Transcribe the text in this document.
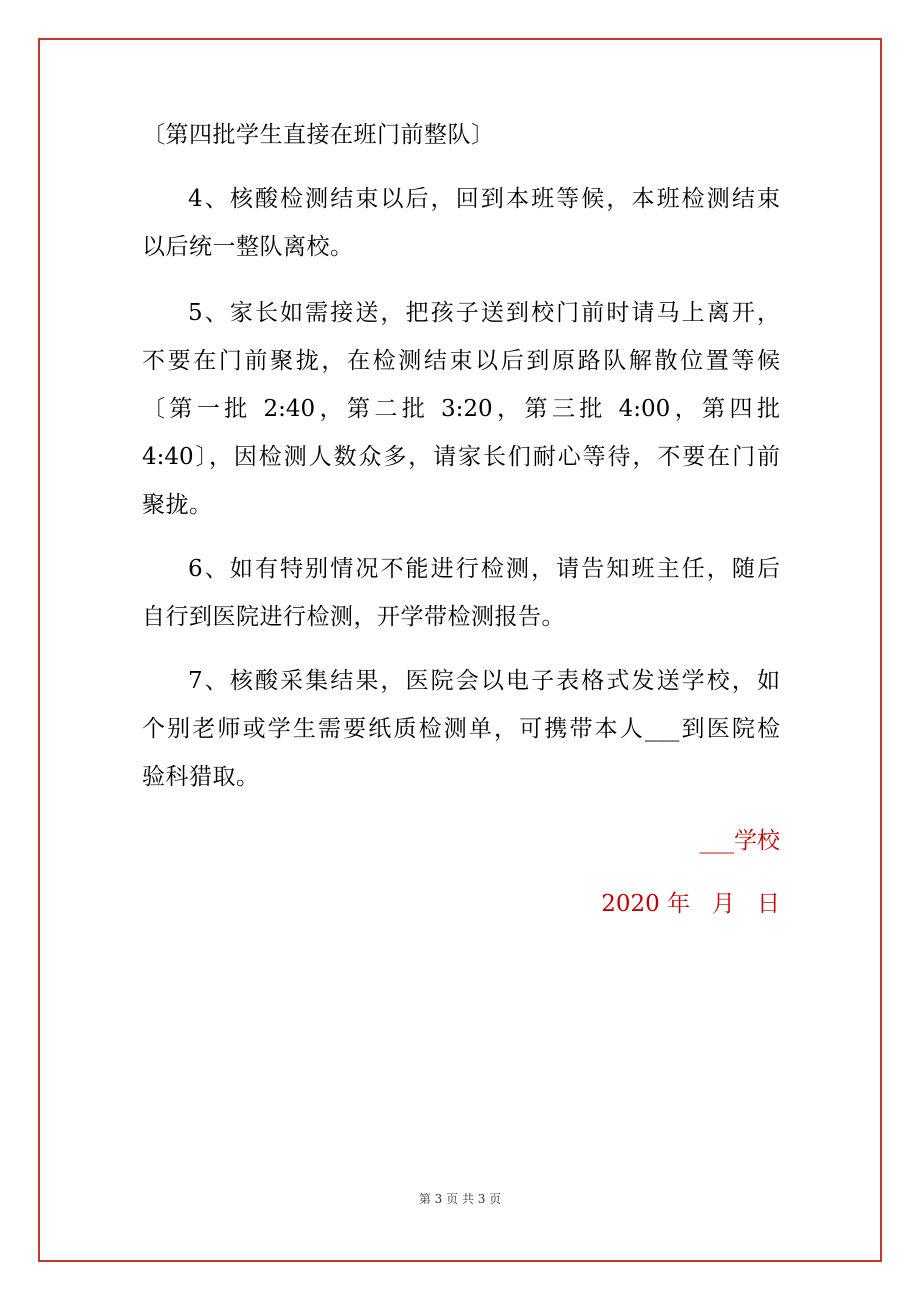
〔第四批学生直接在班门前整队〕
4、核酸检测结束以后，回到本班等候，本班检测结束
以后统一整队离校。
5、家长如需接送，把孩子送到校门前时请马上离开，
不要在门前聚拢，在检测结束以后到原路队解散位置等候
〔第一批 2:40，第二批 3:20，第三批 4:00，第四批
4:40〕，因检测人数众多，请家长们耐心等待，不要在门前
聚拢。
6、如有特别情况不能进行检测，请告知班主任，随后
自行到医院进行检测，开学带检测报告。
7、核酸采集结果，医院会以电子表格式发送学校，如
个别老师或学生需要纸质检测单，可携带本人___到医院检
验科猎取。
___学校
2020 年   月   日
第 3 页 共 3 页
